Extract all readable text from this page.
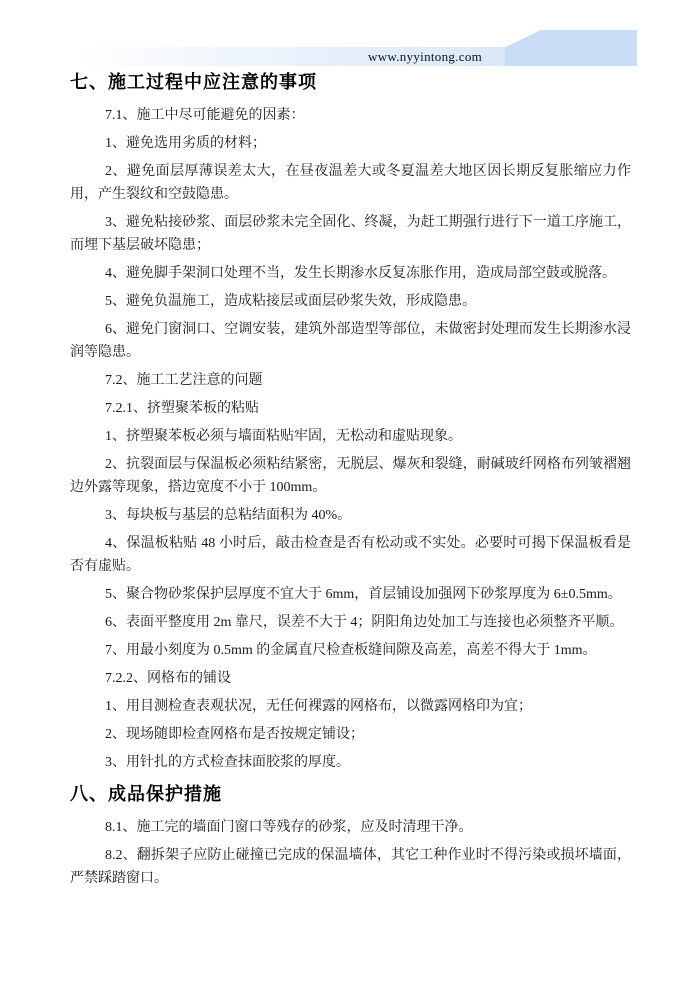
www.nyyintong.com
七、施工过程中应注意的事项

7.1、施工中尽可能避免的因素：

1、避免选用劣质的材料；

2、避免面层厚薄误差太大，在昼夜温差大或冬夏温差大地区因长期反复胀缩应力作用，产生裂纹和空鼓隐患。

3、避免粘接砂浆、面层砂浆未完全固化、终凝，为赶工期强行进行下一道工序施工，而埋下基层破坏隐患；

4、避免脚手架洞口处理不当，发生长期渗水反复冻胀作用，造成局部空鼓或脱落。

5、避免负温施工，造成粘接层或面层砂浆失效，形成隐患。

6、避免门窗洞口、空调安装，建筑外部造型等部位，未做密封处理而发生长期渗水浸润等隐患。

7.2、施工工艺注意的问题

7.2.1、挤塑聚苯板的粘贴

1、挤塑聚苯板必须与墙面粘贴牢固，无松动和虚贴现象。

2、抗裂面层与保温板必须粘结紧密，无脱层、爆灰和裂缝，耐碱玻纤网格布列皱褶翘边外露等现象，搭边宽度不小于 100mm。

3、每块板与基层的总粘结面积为 40%。

4、保温板粘贴 48 小时后，敲击检查是否有松动或不实处。必要时可揭下保温板看是否有虚贴。

5、聚合物砂浆保护层厚度不宜大于 6mm，首层铺设加强网下砂浆厚度为 6±0.5mm。

6、表面平整度用 2m 靠尺，误差不大于 4；阴阳角边处加工与连接也必须整齐平顺。

7、用最小刻度为 0.5mm 的金属直尺检查板缝间隙及高差，高差不得大于 1mm。

7.2.2、网格布的铺设

1、用目测检查表观状况，无任何裸露的网格布，以微露网格印为宜；

2、现场随即检查网格布是否按规定铺设；

3、用针扎的方式检查抹面胶浆的厚度。

八、成品保护措施

8.1、施工完的墙面门窗口等残存的砂浆，应及时清理干净。

8.2、翻拆架子应防止碰撞已完成的保温墙体，其它工种作业时不得污染或损坏墙面，严禁踩踏窗口。
